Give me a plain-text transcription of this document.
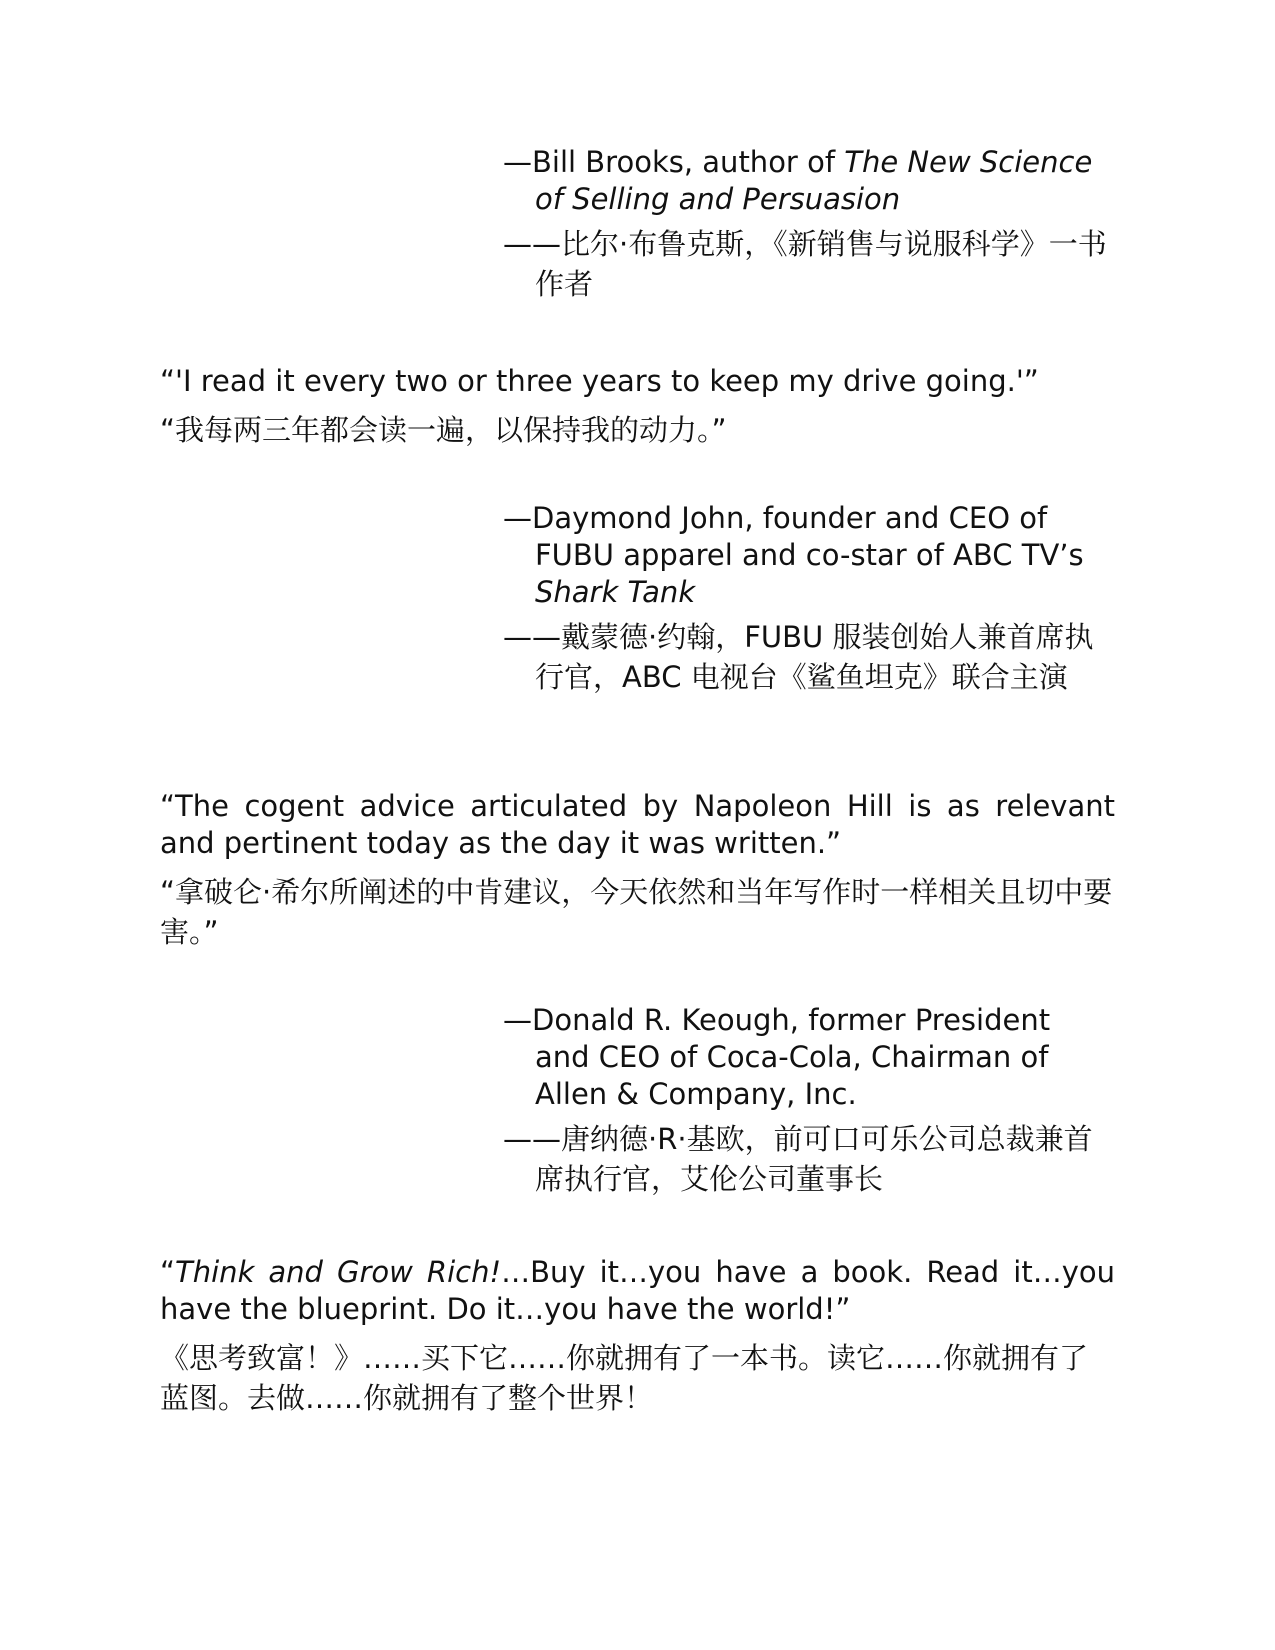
—Bill Brooks, author of The New Science of Selling and Persuasion

——比尔·布鲁克斯，《新销售与说服科学》一书作者

“'I read it every two or three years to keep my drive going.'”

“我每两三年都会读一遍，以保持我的动力。”

—Daymond John, founder and CEO of FUBU apparel and co-star of ABC TV’s Shark Tank

——戴蒙德·约翰，FUBU 服装创始人兼首席执行官，ABC 电视台《鲨鱼坦克》联合主演

“The cogent advice articulated by Napoleon Hill is as relevant and pertinent today as the day it was written.”

“拿破仑·希尔所阐述的中肯建议，今天依然和当年写作时一样相关且切中要害。”

—Donald R. Keough, former President and CEO of Coca-Cola, Chairman of Allen & Company, Inc.

——唐纳德·R·基欧，前可口可乐公司总裁兼首席执行官，艾伦公司董事长

“Think and Grow Rich!…Buy it…you have a book. Read it…you have the blueprint. Do it…you have the world!”

《思考致富！》……买下它……你就拥有了一本书。读它……你就拥有了蓝图。去做……你就拥有了整个世界！
